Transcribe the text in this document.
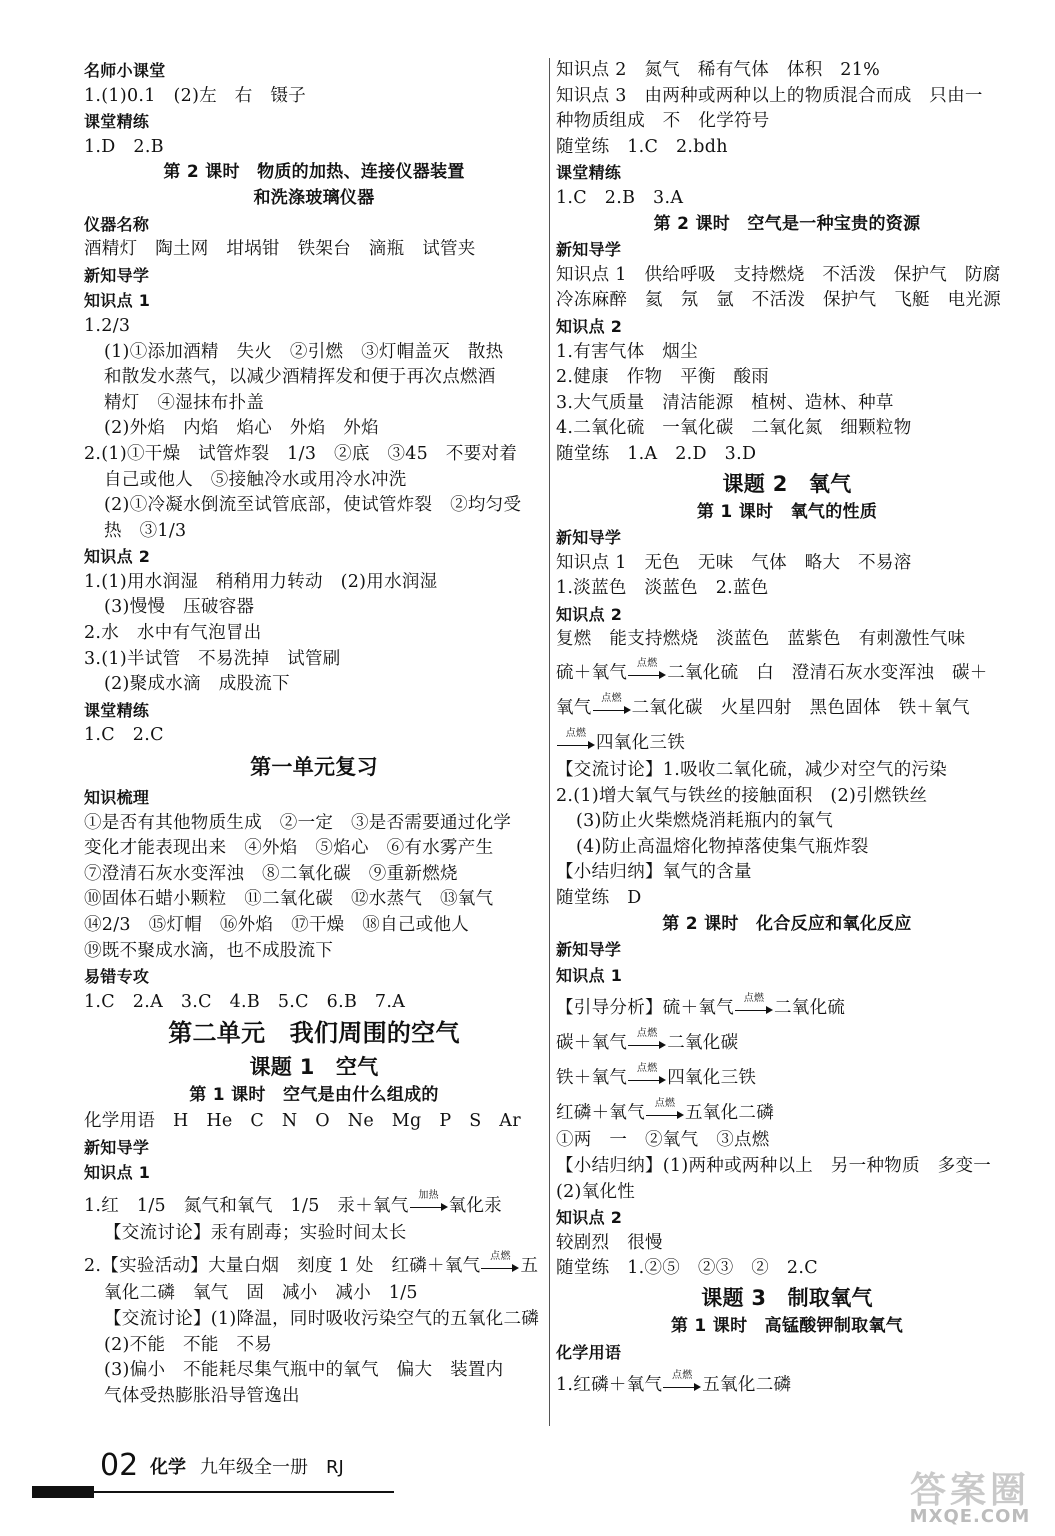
名师小课堂
1.(1)0.1　(2)左　右　镊子
课堂精练
1.D　2.B
第 2 课时　物质的加热、连接仪器装置
和洗涤玻璃仪器
仪器名称
酒精灯　陶土网　坩埚钳　铁架台　滴瓶　试管夹
新知导学
知识点 1
1.2/3
(1)①添加酒精　失火　②引燃　③灯帽盖灭　散热
和散发水蒸气，以减少酒精挥发和便于再次点燃酒
精灯　④湿抹布扑盖
(2)外焰　内焰　焰心　外焰　外焰
2.(1)①干燥　试管炸裂　1/3　②底　③45　不要对着
自己或他人　⑤接触冷水或用冷水冲洗
(2)①冷凝水倒流至试管底部，使试管炸裂　②均匀受
热　③1/3
知识点 2
1.(1)用水润湿　稍稍用力转动　(2)用水润湿
(3)慢慢　压破容器
2.水　水中有气泡冒出
3.(1)半试管　不易洗掉　试管刷
(2)聚成水滴　成股流下
课堂精练
1.C　2.C
第一单元复习
知识梳理
①是否有其他物质生成　②一定　③是否需要通过化学
变化才能表现出来　④外焰　⑤焰心　⑥有水雾产生
⑦澄清石灰水变浑浊　⑧二氧化碳　⑨重新燃烧
⑩固体石蜡小颗粒　⑪二氧化碳　⑫水蒸气　⑬氧气
⑭2/3　⑮灯帽　⑯外焰　⑰干燥　⑱自己或他人
⑲既不聚成水滴，也不成股流下
易错专攻
1.C　2.A　3.C　4.B　5.C　6.B　7.A
第二单元　我们周围的空气
课题 1　空气
第 1 课时　空气是由什么组成的
化学用语　H　He　C　N　O　Ne　Mg　P　S　Ar
新知导学
知识点 1
1.红　1/5　氮气和氧气　1/5　汞＋氧气 加热 氧化汞
【交流讨论】汞有剧毒；实验时间太长
2.【实验活动】大量白烟　刻度 1 处　红磷＋氧气 点燃 五
氧化二磷　氧气　固　减小　减小　1/5
【交流讨论】(1)降温，同时吸收污染空气的五氧化二磷
(2)不能　不能　不易
(3)偏小　不能耗尽集气瓶中的氧气　偏大　装置内
气体受热膨胀沿导管逸出
知识点 2　氮气　稀有气体　体积　21%
知识点 3　由两种或两种以上的物质混合而成　只由一
种物质组成　不　化学符号
随堂练　1.C　2.bdh
课堂精练
1.C　2.B　3.A
第 2 课时　空气是一种宝贵的资源
新知导学
知识点 1　供给呼吸　支持燃烧　不活泼　保护气　防腐
冷冻麻醉　氦　氖　氩　不活泼　保护气　飞艇　电光源
知识点 2
1.有害气体　烟尘
2.健康　作物　平衡　酸雨
3.大气质量　清洁能源　植树、造林、种草
4.二氧化硫　一氧化碳　二氧化氮　细颗粒物
随堂练　1.A　2.D　3.D
课题 2　氧气
第 1 课时　氧气的性质
新知导学
知识点 1　无色　无味　气体　略大　不易溶
1.淡蓝色　淡蓝色　2.蓝色
知识点 2
复燃　能支持燃烧　淡蓝色　蓝紫色　有刺激性气味
硫＋氧气 点燃 二氧化硫　白　澄清石灰水变浑浊　碳＋
氧气 点燃 二氧化碳　火星四射　黑色固体　铁＋氧气
点燃 四氧化三铁
【交流讨论】1.吸收二氧化硫，减少对空气的污染
2.(1)增大氧气与铁丝的接触面积　(2)引燃铁丝
(3)防止火柴燃烧消耗瓶内的氧气
(4)防止高温熔化物掉落使集气瓶炸裂
【小结归纳】氧气的含量
随堂练　D
第 2 课时　化合反应和氧化反应
新知导学
知识点 1
【引导分析】硫＋氧气 点燃 二氧化硫
碳＋氧气 点燃 二氧化碳
铁＋氧气 点燃 四氧化三铁
红磷＋氧气 点燃 五氧化二磷
①两　一　②氧气　③点燃
【小结归纳】(1)两种或两种以上　另一种物质　多变一
(2)氧化性
知识点 2
较剧烈　很慢
随堂练　1.②⑤　②③　②　2.C
课题 3　制取氧气
第 1 课时　高锰酸钾制取氧气
化学用语
1.红磷＋氧气 点燃 五氧化二磷
02 化学 九年级全一册　RJ
答案圈
MXQE.COM
